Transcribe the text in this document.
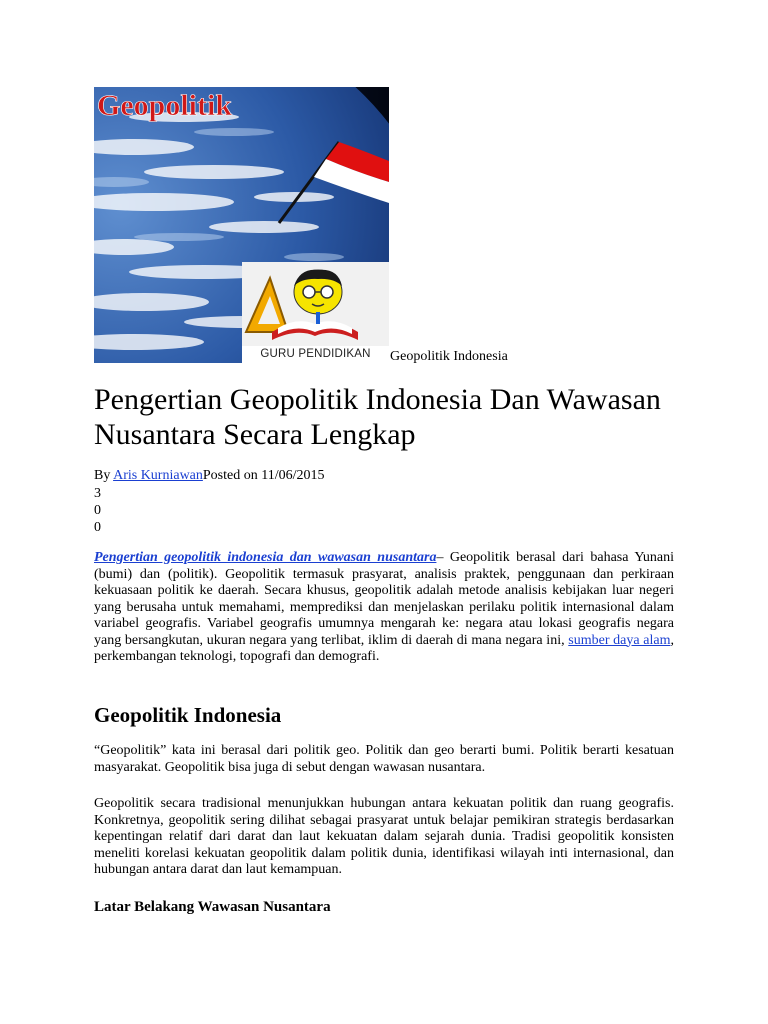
Geopolitik
GURU PENDIDIKAN	Geopolitik Indonesia
Pengertian Geopolitik Indonesia Dan Wawasan Nusantara Secara Lengkap
By Aris KurniawanPosted on 11/06/2015
3
0
0

Pengertian geopolitik indonesia dan wawasan nusantara– Geopolitik berasal dari bahasa Yunani (bumi) dan (politik). Geopolitik termasuk prasyarat, analisis praktek, penggunaan dan perkiraan kekuasaan politik ke daerah. Secara khusus, geopolitik adalah metode analisis kebijakan luar negeri yang berusaha untuk memahami, memprediksi dan menjelaskan perilaku politik internasional dalam variabel geografis. Variabel geografis umumnya mengarah ke: negara atau lokasi geografis negara yang bersangkutan, ukuran negara yang terlibat, iklim di daerah di mana negara ini, sumber daya alam, perkembangan teknologi, topografi dan demografi.

Geopolitik Indonesia

“Geopolitik” kata ini berasal dari politik geo. Politik dan geo berarti bumi. Politik berarti kesatuan masyarakat. Geopolitik bisa juga di sebut dengan wawasan nusantara.

Geopolitik secara tradisional menunjukkan hubungan antara kekuatan politik dan ruang geografis. Konkretnya, geopolitik sering dilihat sebagai prasyarat untuk belajar pemikiran strategis berdasarkan kepentingan relatif dari darat dan laut kekuatan dalam sejarah dunia. Tradisi geopolitik konsisten meneliti korelasi kekuatan geopolitik dalam politik dunia, identifikasi wilayah inti internasional, dan hubungan antara darat dan laut kemampuan.

Latar Belakang Wawasan Nusantara
